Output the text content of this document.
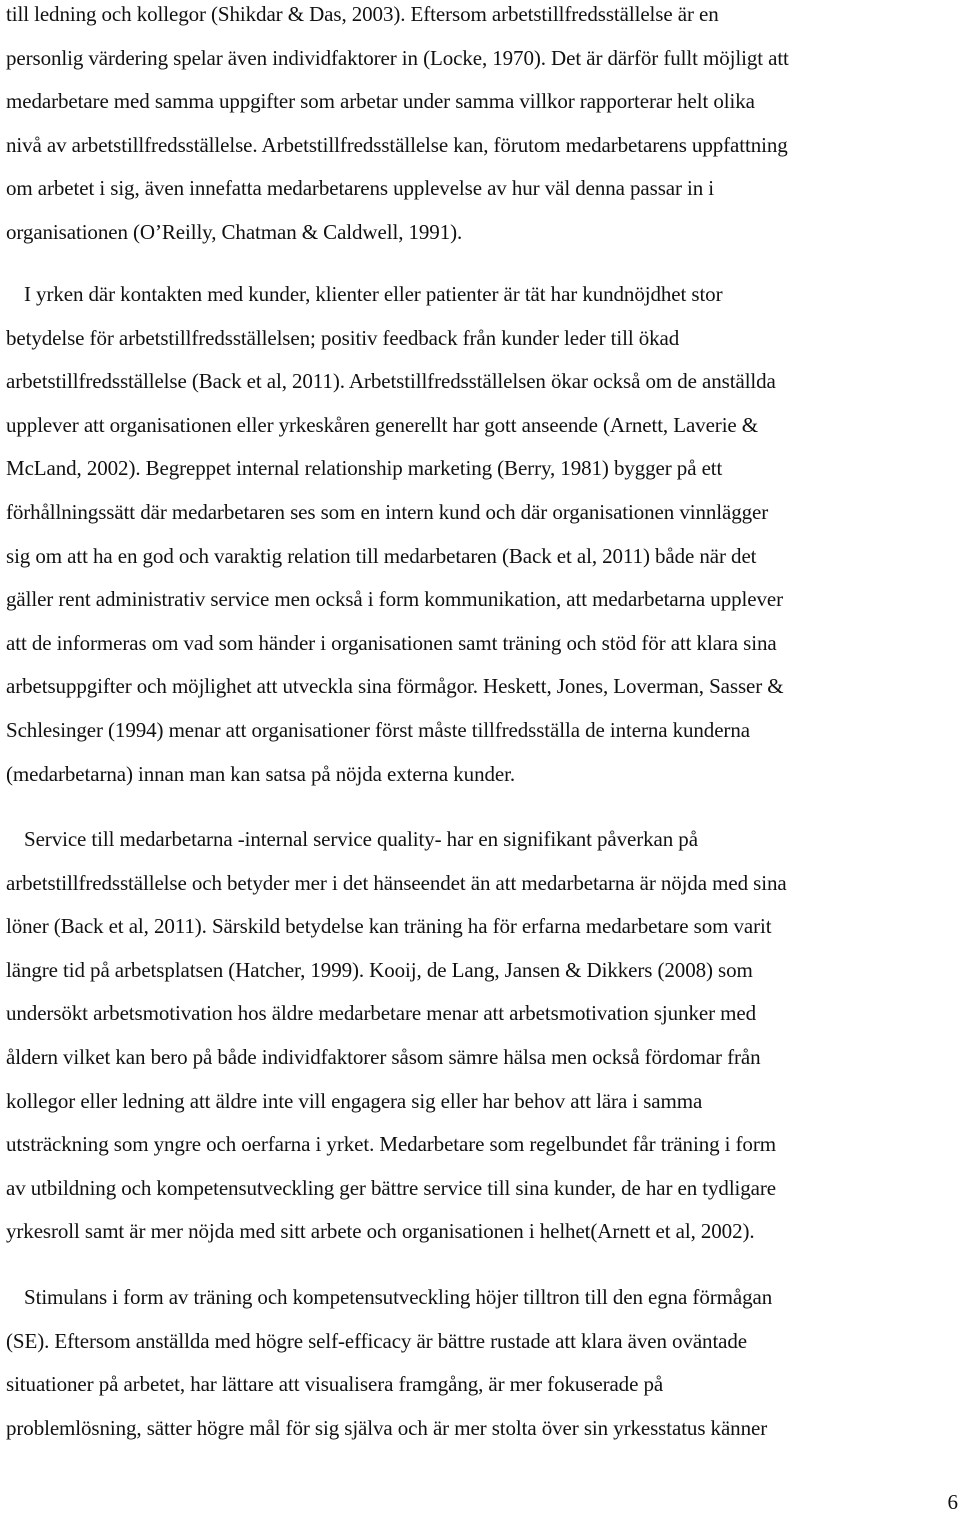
till ledning och kollegor (Shikdar & Das, 2003). Eftersom arbetstillfredsställelse är en
personlig värdering spelar även individfaktorer in (Locke, 1970). Det är därför fullt möjligt att
medarbetare med samma uppgifter som arbetar under samma villkor rapporterar helt olika
nivå av arbetstillfredsställelse. Arbetstillfredsställelse kan, förutom medarbetarens uppfattning
om arbetet i sig, även innefatta medarbetarens upplevelse av hur väl denna passar in i
organisationen (O’Reilly, Chatman & Caldwell, 1991).
I yrken där kontakten med kunder, klienter eller patienter är tät har kundnöjdhet stor
betydelse för arbetstillfredsställelsen; positiv feedback från kunder leder till ökad
arbetstillfredsställelse (Back et al, 2011). Arbetstillfredsställelsen ökar också om de anställda
upplever att organisationen eller yrkeskåren generellt har gott anseende (Arnett, Laverie &
McLand, 2002). Begreppet internal relationship marketing (Berry, 1981) bygger på ett
förhållningssätt där medarbetaren ses som en intern kund och där organisationen vinnlägger
sig om att ha en god och varaktig relation till medarbetaren (Back et al, 2011) både när det
gäller rent administrativ service men också i form kommunikation, att medarbetarna upplever
att de informeras om vad som händer i organisationen samt träning och stöd för att klara sina
arbetsuppgifter och möjlighet att utveckla sina förmågor. Heskett, Jones, Loverman, Sasser &
Schlesinger (1994) menar att organisationer först måste tillfredsställa de interna kunderna
(medarbetarna) innan man kan satsa på nöjda externa kunder.
Service till medarbetarna -internal service quality- har en signifikant påverkan på
arbetstillfredsställelse och betyder mer i det hänseendet än att medarbetarna är nöjda med sina
löner (Back et al, 2011). Särskild betydelse kan träning ha för erfarna medarbetare som varit
längre tid på arbetsplatsen (Hatcher, 1999). Kooij, de Lang, Jansen & Dikkers (2008) som
undersökt arbetsmotivation hos äldre medarbetare menar att arbetsmotivation sjunker med
åldern vilket kan bero på både individfaktorer såsom sämre hälsa men också fördomar från
kollegor eller ledning att äldre inte vill engagera sig eller har behov att lära i samma
utsträckning som yngre och oerfarna i yrket. Medarbetare som regelbundet får träning i form
av utbildning och kompetensutveckling ger bättre service till sina kunder, de har en tydligare
yrkesroll samt är mer nöjda med sitt arbete och organisationen i helhet(Arnett et al, 2002).
Stimulans i form av träning och kompetensutveckling höjer tilltron till den egna förmågan
(SE). Eftersom anställda med högre self-efficacy är bättre rustade att klara även oväntade
situationer på arbetet, har lättare att visualisera framgång, är mer fokuserade på
problemlösning, sätter högre mål för sig själva och är mer stolta över sin yrkesstatus känner
6
